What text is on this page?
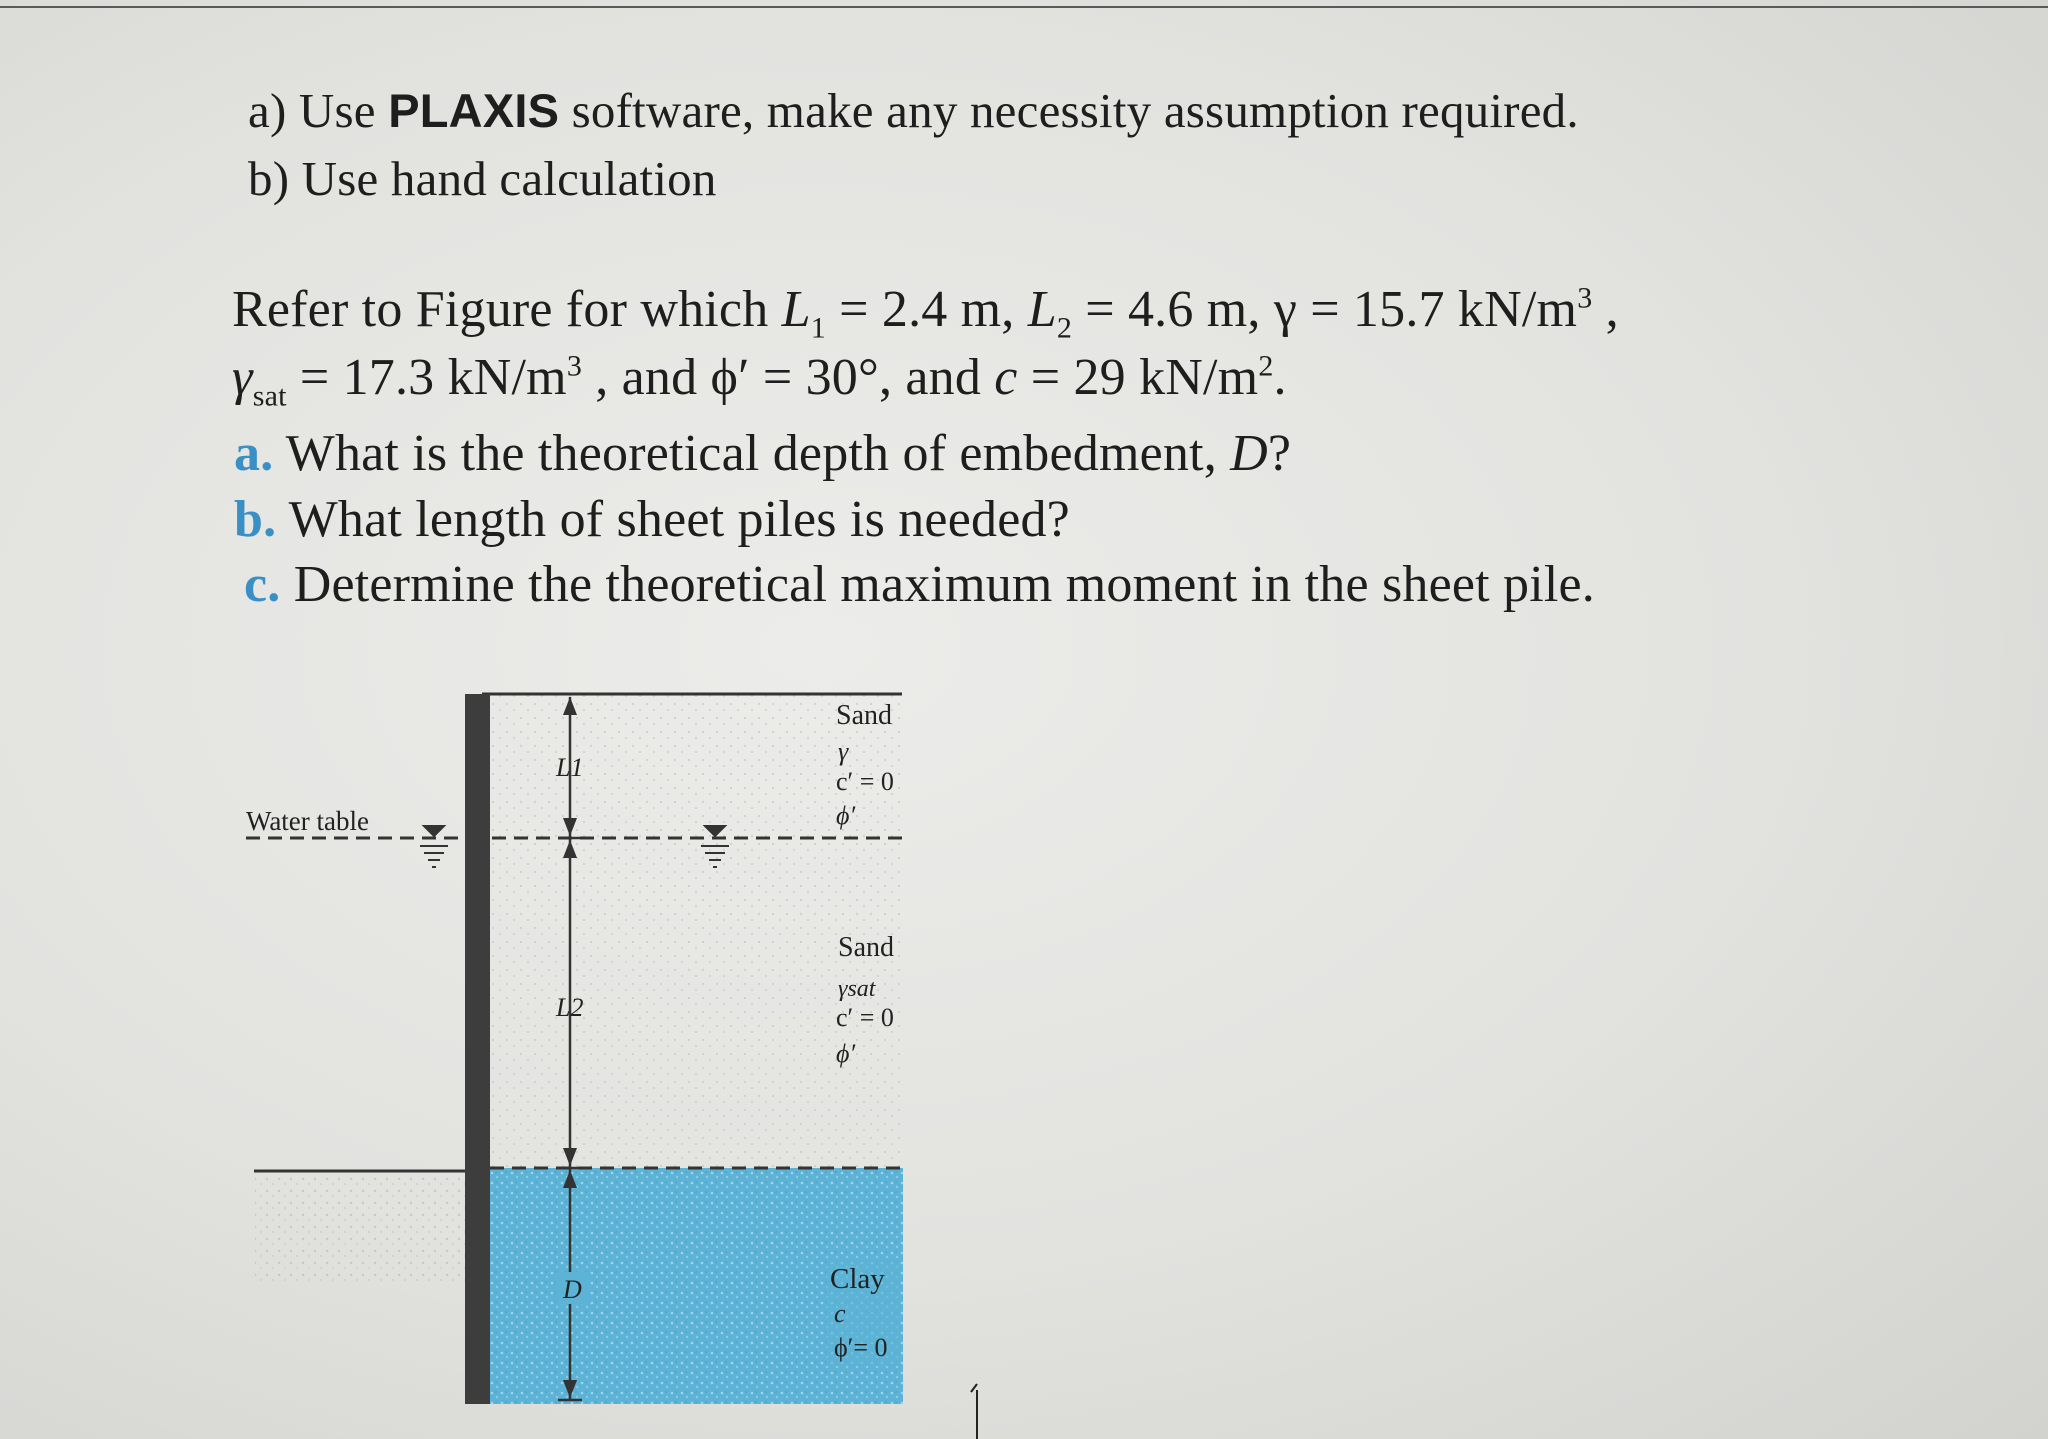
a) Use PLAXIS software, make any necessity assumption required.
b) Use hand calculation
Refer to Figure for which $L_1 = 2.4$ m, $L_2 = 4.6$ m, γ = 15.7 $kN/m^3$ ,
$\gamma_{sat} = 17.3$ $kN/m^3$ , and ϕ′ = 30°, and c = 29 $kN/m^2$.
a. What is the theoretical depth of embedment, D?
b. What length of sheet piles is needed?
c. Determine the theoretical maximum moment in the sheet pile.
L1
L2
D
Water table
Sand
γ
c′ = 0
ϕ′
Sand
γsat
c′ = 0
ϕ′
Clay
c
ϕ′= 0
